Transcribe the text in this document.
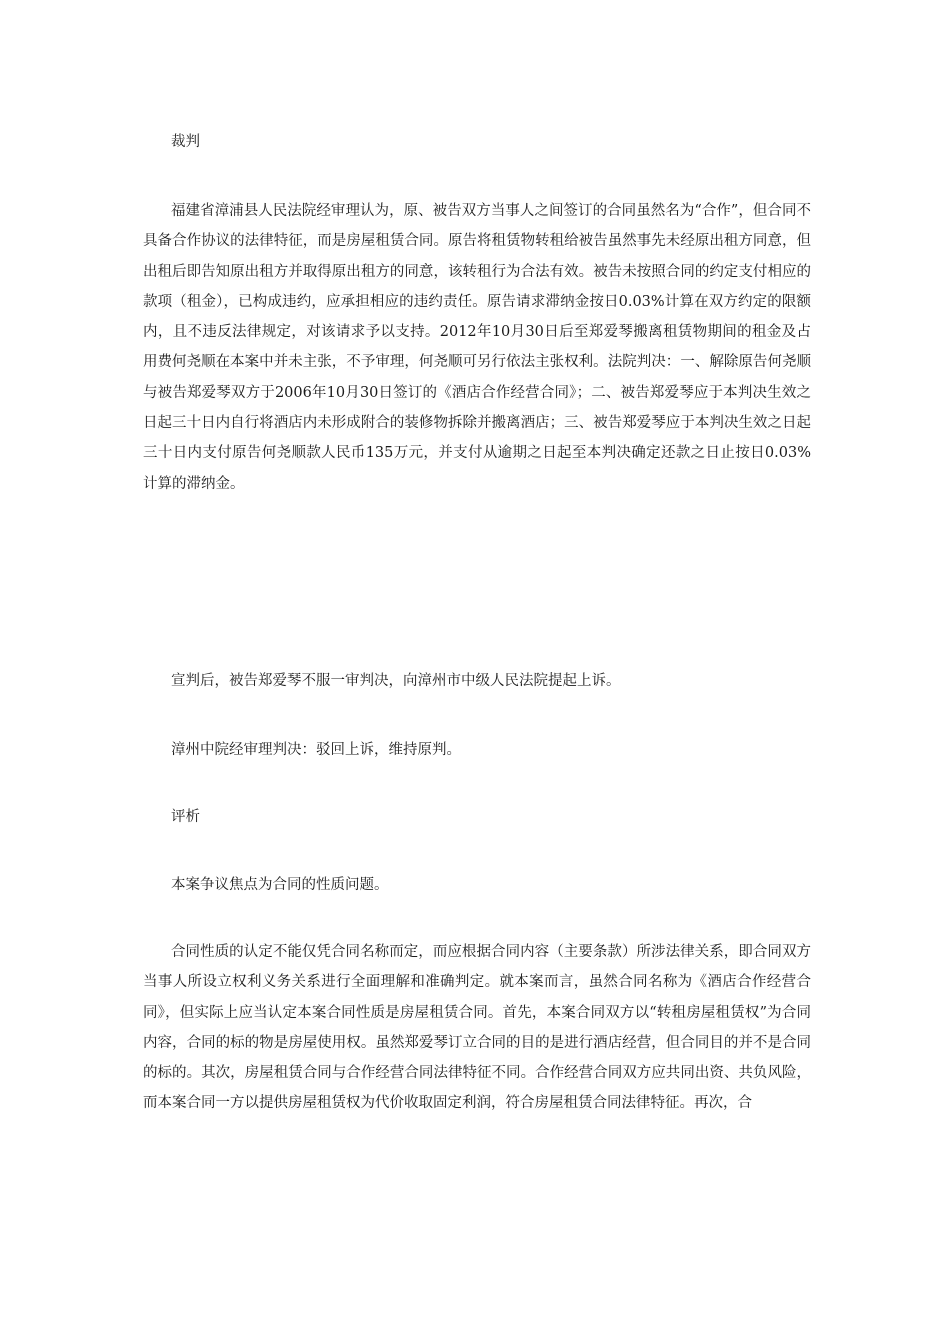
裁判

福建省漳浦县人民法院经审理认为，原、被告双方当事人之间签订的合同虽然名为“合作”，但合同不具备合作协议的法律特征，而是房屋租赁合同。原告将租赁物转租给被告虽然事先未经原出租方同意，但出租后即告知原出租方并取得原出租方的同意，该转租行为合法有效。被告未按照合同的约定支付相应的款项（租金），已构成违约，应承担相应的违约责任。原告请求滞纳金按日0.03%计算在双方约定的限额内，且不违反法律规定，对该请求予以支持。2012年10月30日后至郑爱琴搬离租赁物期间的租金及占用费何尧顺在本案中并未主张，不予审理，何尧顺可另行依法主张权利。法院判决：一、解除原告何尧顺与被告郑爱琴双方于2006年10月30日签订的《酒店合作经营合同》；二、被告郑爱琴应于本判决生效之日起三十日内自行将酒店内未形成附合的装修物拆除并搬离酒店；三、被告郑爱琴应于本判决生效之日起三十日内支付原告何尧顺款人民币135万元，并支付从逾期之日起至本判决确定还款之日止按日0.03%计算的滞纳金。

宣判后，被告郑爱琴不服一审判决，向漳州市中级人民法院提起上诉。

漳州中院经审理判决：驳回上诉，维持原判。

评析

本案争议焦点为合同的性质问题。

合同性质的认定不能仅凭合同名称而定，而应根据合同内容（主要条款）所涉法律关系，即合同双方当事人所设立权利义务关系进行全面理解和准确判定。就本案而言，虽然合同名称为《酒店合作经营合同》，但实际上应当认定本案合同性质是房屋租赁合同。首先，本案合同双方以“转租房屋租赁权”为合同内容，合同的标的物是房屋使用权。虽然郑爱琴订立合同的目的是进行酒店经营，但合同目的并不是合同的标的。其次，房屋租赁合同与合作经营合同法律特征不同。合作经营合同双方应共同出资、共负风险，而本案合同一方以提供房屋租赁权为代价收取固定利润，符合房屋租赁合同法律特征。再次，合
